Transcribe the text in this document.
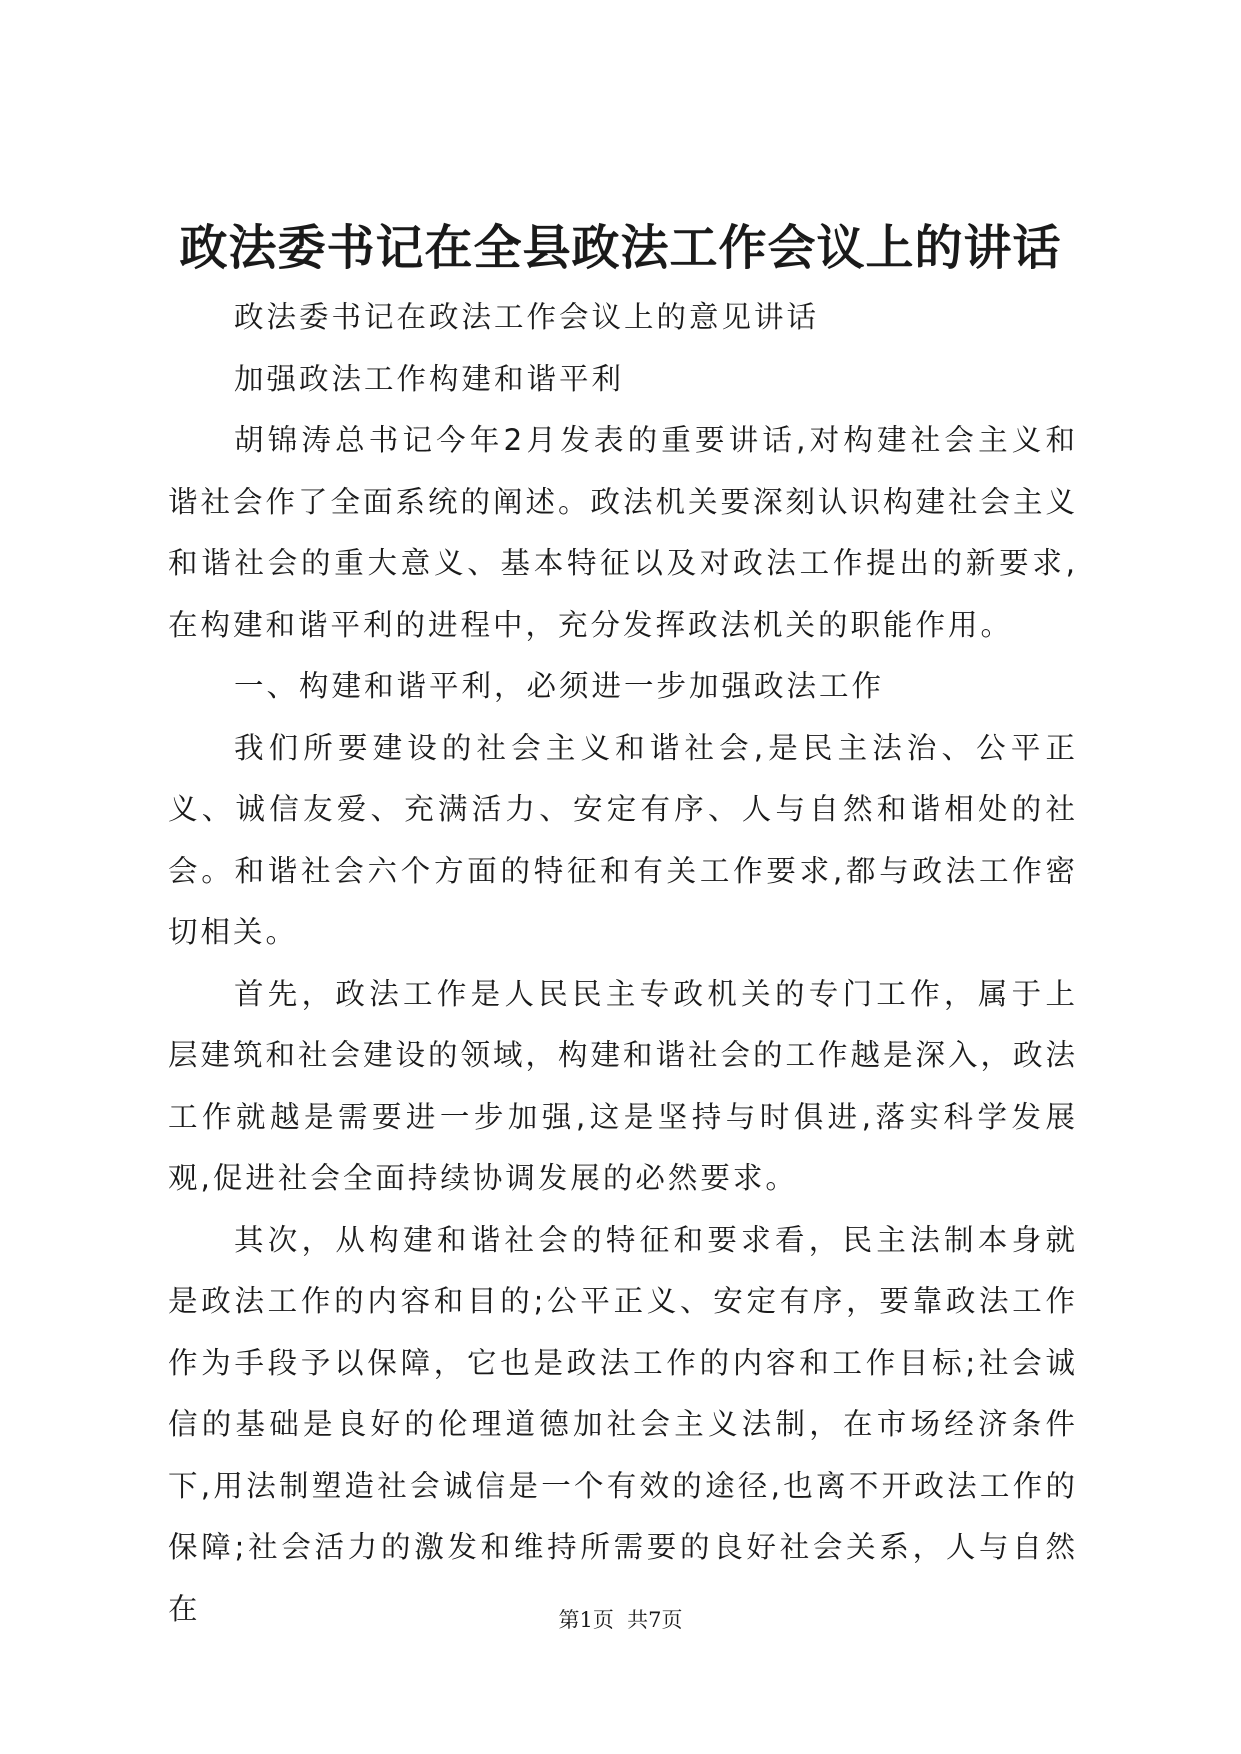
政法委书记在全县政法工作会议上的讲话

政法委书记在政法工作会议上的意见讲话

加强政法工作构建和谐平利

胡锦涛总书记今年2月发表的重要讲话,对构建社会主义和谐社会作了全面系统的阐述。政法机关要深刻认识构建社会主义和谐社会的重大意义、基本特征以及对政法工作提出的新要求,在构建和谐平利的进程中，充分发挥政法机关的职能作用。

一、构建和谐平利，必须进一步加强政法工作

我们所要建设的社会主义和谐社会,是民主法治、公平正义、诚信友爱、充满活力、安定有序、人与自然和谐相处的社会。和谐社会六个方面的特征和有关工作要求,都与政法工作密切相关。

首先，政法工作是人民民主专政机关的专门工作，属于上层建筑和社会建设的领域，构建和谐社会的工作越是深入，政法工作就越是需要进一步加强,这是坚持与时俱进,落实科学发展观,促进社会全面持续协调发展的必然要求。

其次，从构建和谐社会的特征和要求看，民主法制本身就是政法工作的内容和目的;公平正义、安定有序，要靠政法工作作为手段予以保障，它也是政法工作的内容和工作目标;社会诚信的基础是良好的伦理道德加社会主义法制，在市场经济条件下,用法制塑造社会诚信是一个有效的途径,也离不开政法工作的保障;社会活力的激发和维持所需要的良好社会关系，人与自然在	第1页  共7页
